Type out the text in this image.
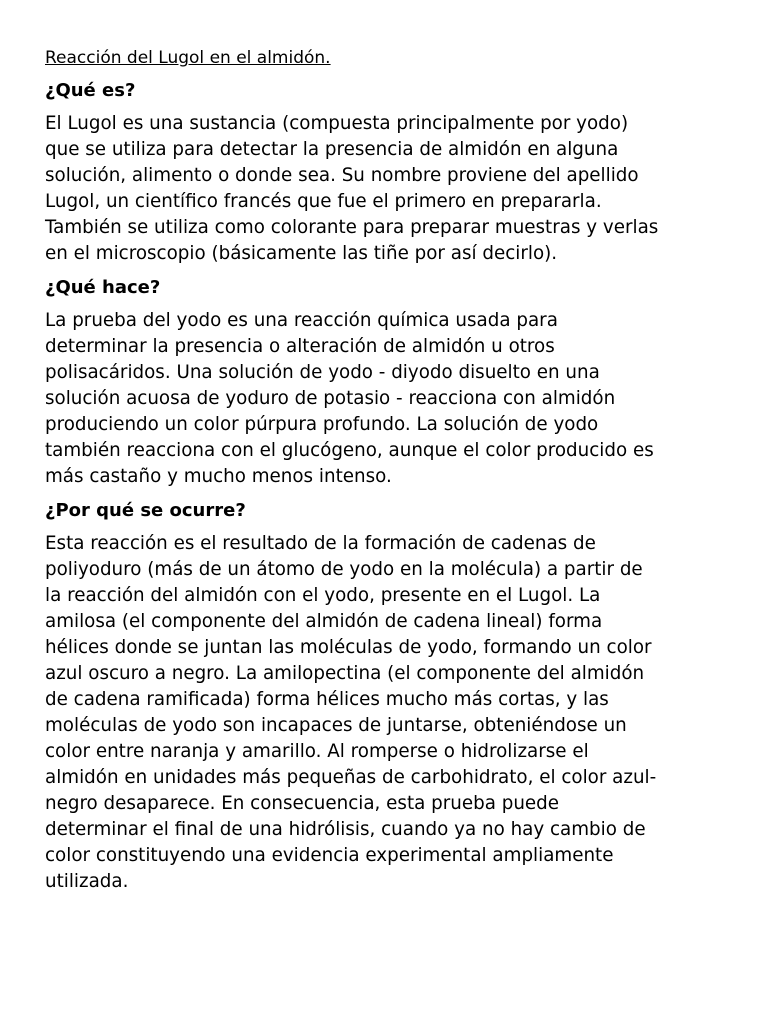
Reacción del Lugol en el almidón.
¿Qué es?

El Lugol es una sustancia (compuesta principalmente por yodo)
que se utiliza para detectar la presencia de almidón en alguna
solución, alimento o donde sea. Su nombre proviene del apellido
Lugol, un científico francés que fue el primero en prepararla.
También se utiliza como colorante para preparar muestras y verlas
en el microscopio (básicamente las tiñe por así decirlo).

¿Qué hace?

La prueba del yodo es una reacción química usada para
determinar la presencia o alteración de almidón u otros
polisacáridos. Una solución de yodo - diyodo disuelto en una
solución acuosa de yoduro de potasio - reacciona con almidón
produciendo un color púrpura profundo. La solución de yodo
también reacciona con el glucógeno, aunque el color producido es
más castaño y mucho menos intenso.

¿Por qué se ocurre?

Esta reacción es el resultado de la formación de cadenas de
poliyoduro (más de un átomo de yodo en la molécula) a partir de
la reacción del almidón con el yodo, presente en el Lugol. La
amilosa (el componente del almidón de cadena lineal) forma
hélices donde se juntan las moléculas de yodo, formando un color
azul oscuro a negro. La amilopectina (el componente del almidón
de cadena ramificada) forma hélices mucho más cortas, y las
moléculas de yodo son incapaces de juntarse, obteniéndose un
color entre naranja y amarillo. Al romperse o hidrolizarse el
almidón en unidades más pequeñas de carbohidrato, el color azul-
negro desaparece. En consecuencia, esta prueba puede
determinar el final de una hidrólisis, cuando ya no hay cambio de
color constituyendo una evidencia experimental ampliamente
utilizada.
